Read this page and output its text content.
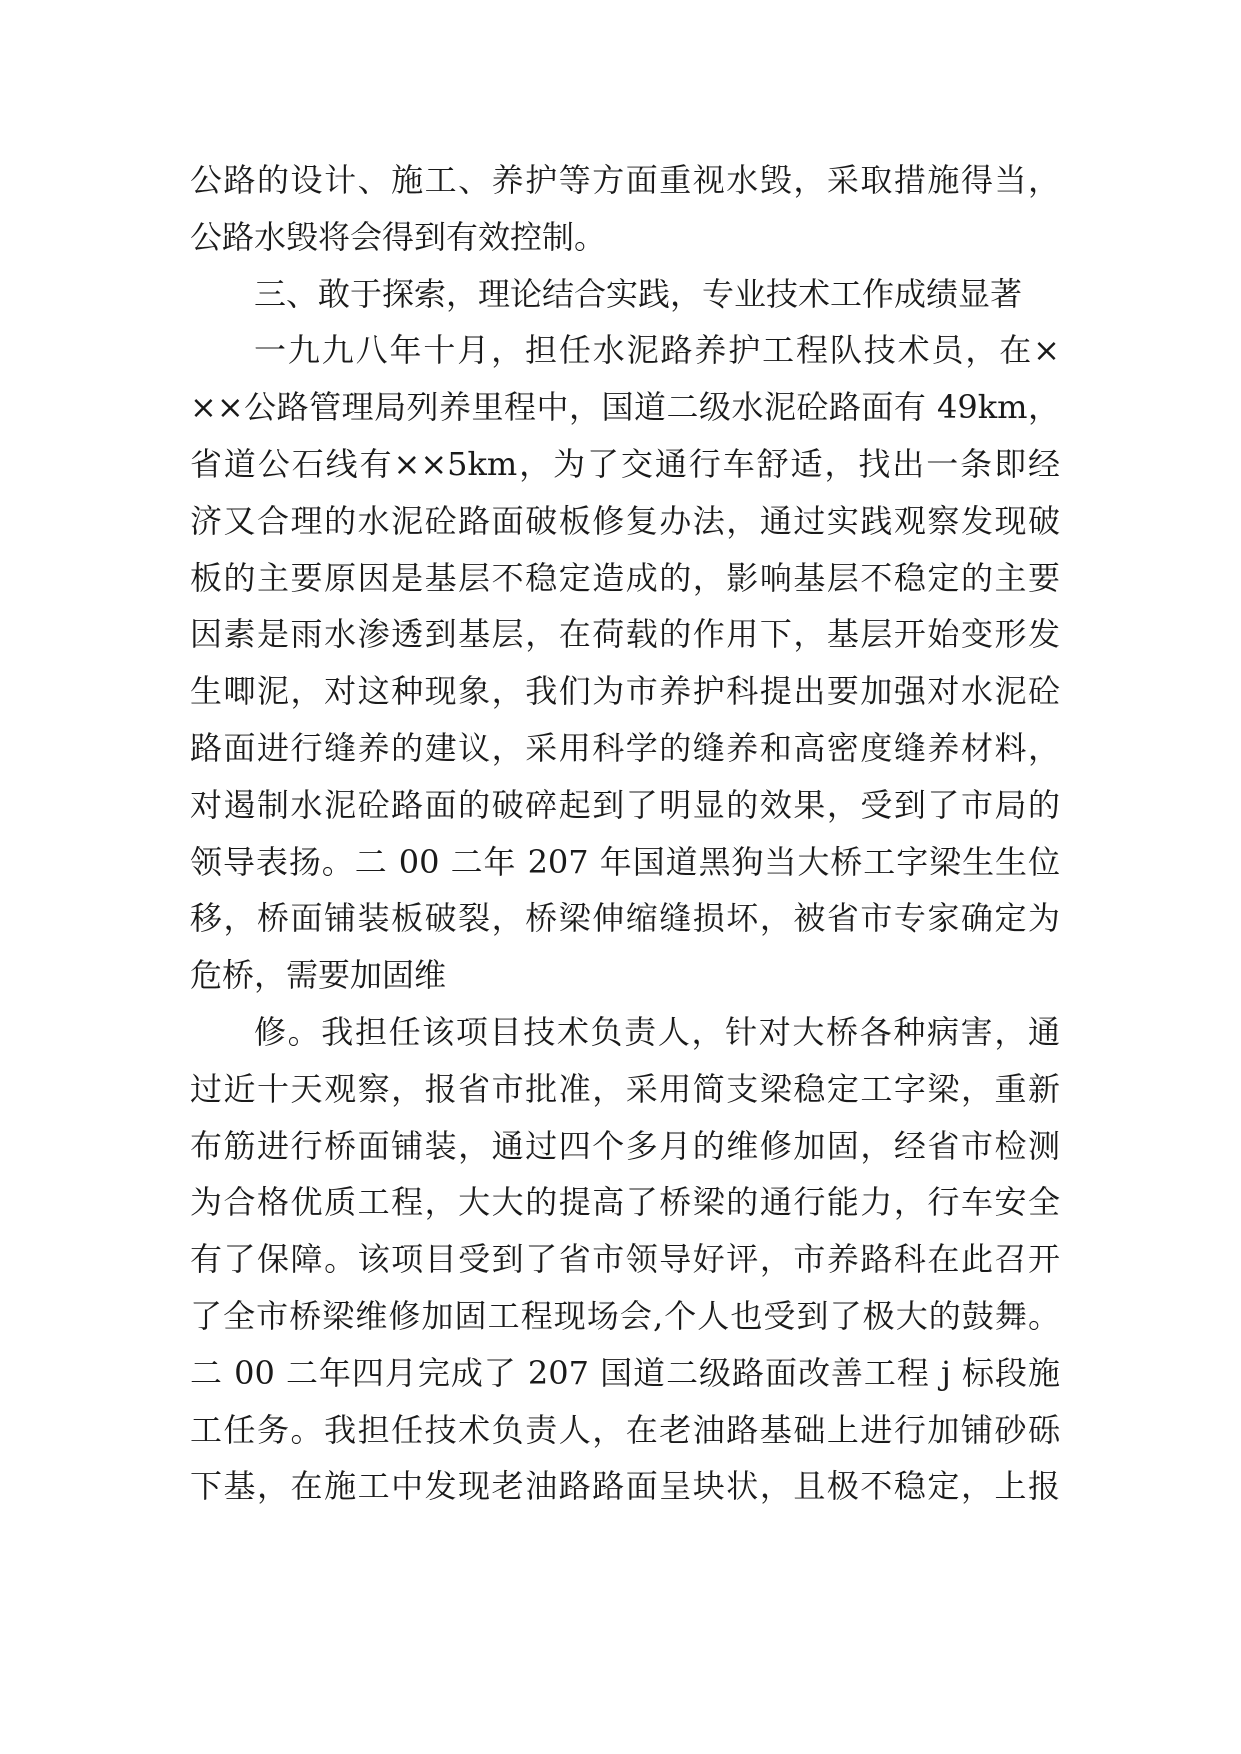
公路的设计、施工、养护等方面重视水毁，采取措施得当，
公路水毁将会得到有效控制。
三、敢于探索，理论结合实践，专业技术工作成绩显著
一九九八年十月，担任水泥路养护工程队技术员，在×
××公路管理局列养里程中，国道二级水泥砼路面有 49km，
省道公石线有××5km，为了交通行车舒适，找出一条即经
济又合理的水泥砼路面破板修复办法，通过实践观察发现破
板的主要原因是基层不稳定造成的，影响基层不稳定的主要
因素是雨水渗透到基层，在荷载的作用下，基层开始变形发
生唧泥，对这种现象，我们为市养护科提出要加强对水泥砼
路面进行缝养的建议，采用科学的缝养和高密度缝养材料，
对遏制水泥砼路面的破碎起到了明显的效果，受到了市局的
领导表扬。二 00 二年 207 年国道黑狗当大桥工字梁生生位
移，桥面铺装板破裂，桥梁伸缩缝损坏，被省市专家确定为
危桥，需要加固维
修。我担任该项目技术负责人，针对大桥各种病害，通
过近十天观察，报省市批准，采用简支梁稳定工字梁，重新
布筋进行桥面铺装，通过四个多月的维修加固，经省市检测
为合格优质工程，大大的提高了桥梁的通行能力，行车安全
有了保障。该项目受到了省市领导好评，市养路科在此召开
了全市桥梁维修加固工程现场会,个人也受到了极大的鼓舞。
二 00 二年四月完成了 207 国道二级路面改善工程 j 标段施
工任务。我担任技术负责人，在老油路基础上进行加铺砂砾
下基，在施工中发现老油路路面呈块状，且极不稳定，上报
